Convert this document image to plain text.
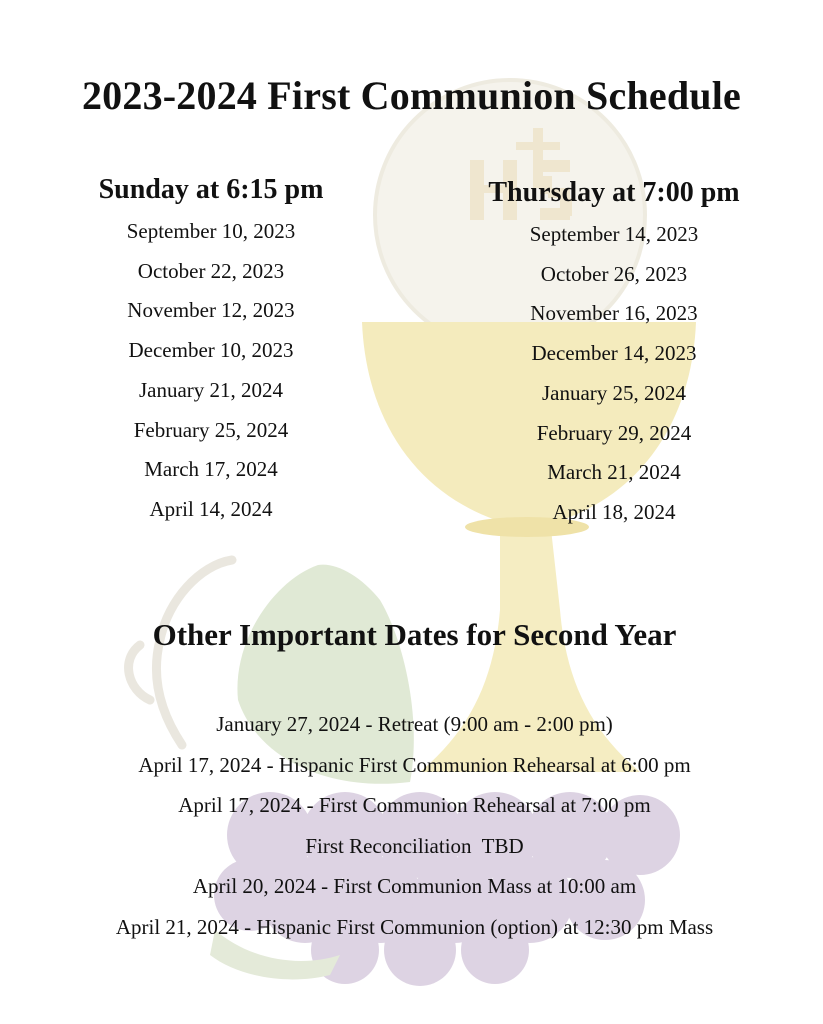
2023-2024 First Communion Schedule
Sunday at 6:15 pm
September 10, 2023
October 22, 2023
November 12, 2023
December 10, 2023
January 21, 2024
February 25, 2024
March 17, 2024
April 14, 2024
Thursday at 7:00 pm
September 14, 2023
October 26, 2023
November 16, 2023
December 14, 2023
January 25, 2024
February 29, 2024
March 21, 2024
April 18, 2024
Other Important Dates for Second Year
January 27, 2024 - Retreat (9:00 am - 2:00 pm)
April 17, 2024 - Hispanic First Communion Rehearsal at 6:00 pm
April 17, 2024 - First Communion Rehearsal at 7:00 pm
First Reconciliation  TBD
April 20, 2024 - First Communion Mass at 10:00 am
April 21, 2024 - Hispanic First Communion (option) at 12:30 pm Mass
